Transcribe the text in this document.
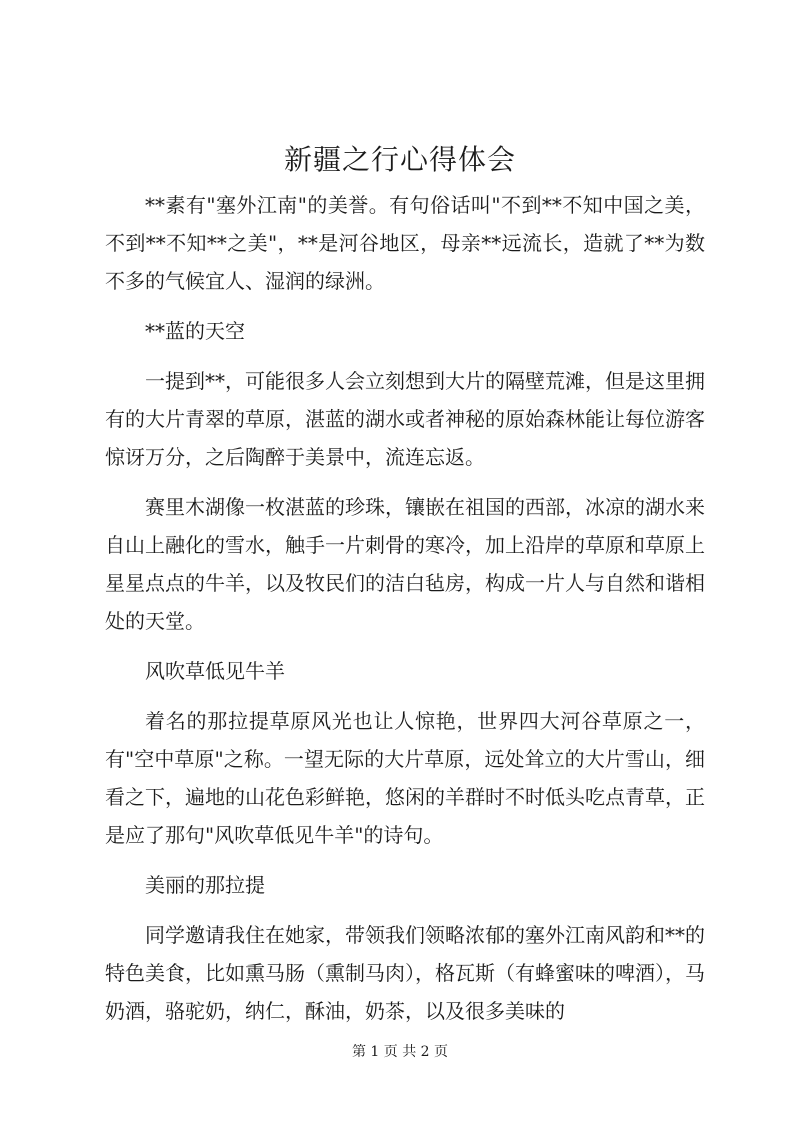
新疆之行心得体会

**素有"塞外江南"的美誉。有句俗话叫"不到**不知中国之美，不到**不知**之美"，**是河谷地区，母亲**远流长，造就了**为数不多的气候宜人、湿润的绿洲。

**蓝的天空

一提到**，可能很多人会立刻想到大片的隔壁荒滩，但是这里拥有的大片青翠的草原，湛蓝的湖水或者神秘的原始森林能让每位游客惊讶万分，之后陶醉于美景中，流连忘返。

赛里木湖像一枚湛蓝的珍珠，镶嵌在祖国的西部，冰凉的湖水来自山上融化的雪水，触手一片刺骨的寒冷，加上沿岸的草原和草原上星星点点的牛羊，以及牧民们的洁白毡房，构成一片人与自然和谐相处的天堂。

风吹草低见牛羊

着名的那拉提草原风光也让人惊艳，世界四大河谷草原之一，有"空中草原"之称。一望无际的大片草原，远处耸立的大片雪山，细看之下，遍地的山花色彩鲜艳，悠闲的羊群时不时低头吃点青草，正是应了那句"风吹草低见牛羊"的诗句。

美丽的那拉提

同学邀请我住在她家，带领我们领略浓郁的塞外江南风韵和**的特色美食，比如熏马肠（熏制马肉），格瓦斯（有蜂蜜味的啤酒），马奶酒，骆驼奶，纳仁，酥油，奶茶，以及很多美味的

第 1 页 共 2 页
